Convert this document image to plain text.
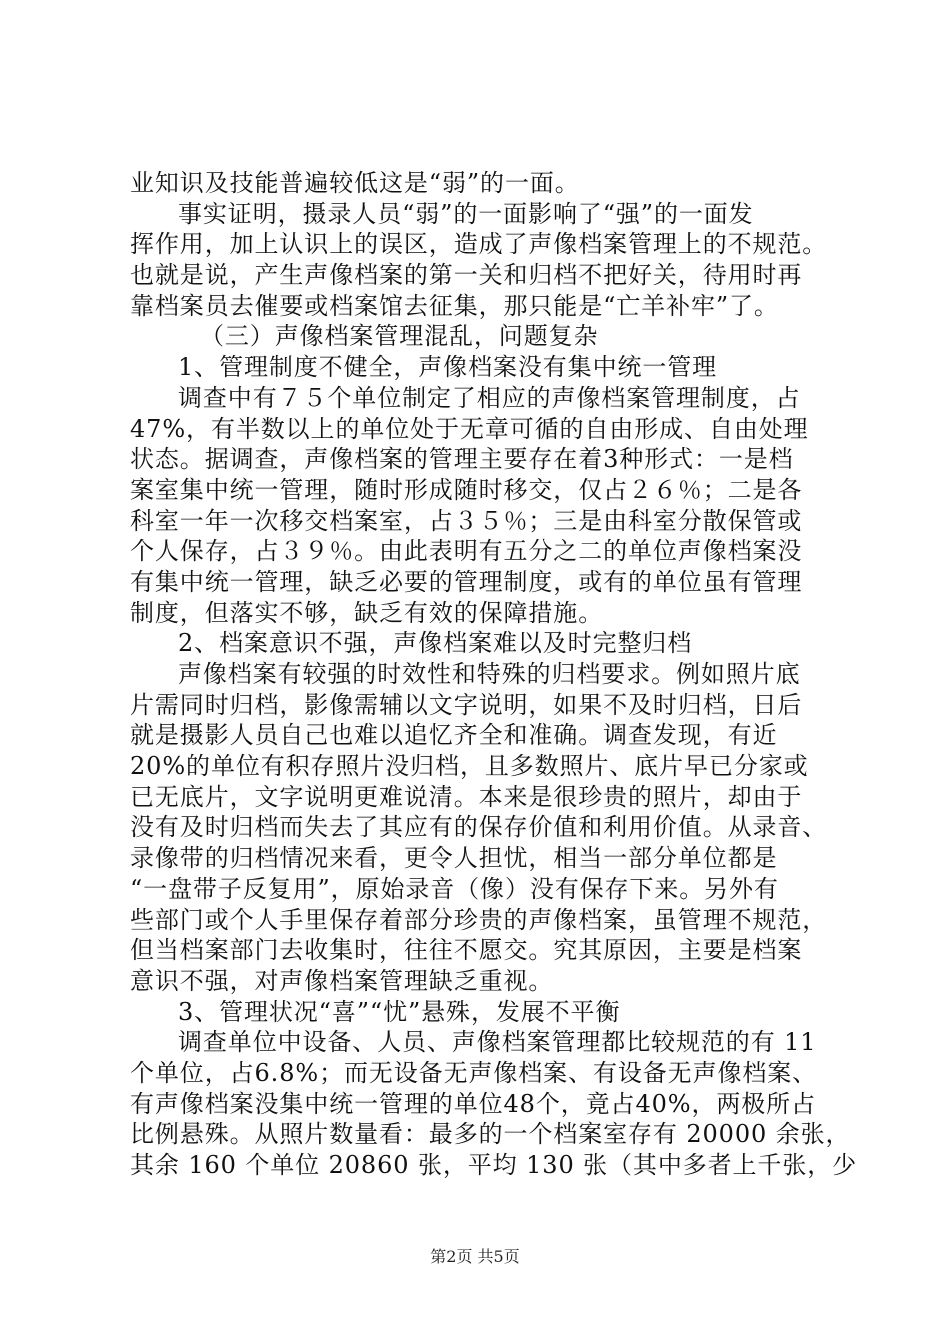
业知识及技能普遍较低这是“弱”的一面。
事实证明，摄录人员“弱”的一面影响了“强”的一面发
挥作用，加上认识上的误区，造成了声像档案管理上的不规范。
也就是说，产生声像档案的第一关和归档不把好关，待用时再
靠档案员去催要或档案馆去征集，那只能是“亡羊补牢”了。
（三）声像档案管理混乱，问题复杂
1、管理制度不健全，声像档案没有集中统一管理
调查中有７５个单位制定了相应的声像档案管理制度，占
47%，有半数以上的单位处于无章可循的自由形成、自由处理
状态。据调查，声像档案的管理主要存在着3种形式：一是档
案室集中统一管理，随时形成随时移交，仅占２６％；二是各
科室一年一次移交档案室，占３５％；三是由科室分散保管或
个人保存，占３９％。由此表明有五分之二的单位声像档案没
有集中统一管理，缺乏必要的管理制度，或有的单位虽有管理
制度，但落实不够，缺乏有效的保障措施。
2、档案意识不强，声像档案难以及时完整归档
声像档案有较强的时效性和特殊的归档要求。例如照片底
片需同时归档，影像需辅以文字说明，如果不及时归档，日后
就是摄影人员自己也难以追忆齐全和准确。调查发现，有近
20%的单位有积存照片没归档，且多数照片、底片早已分家或
已无底片，文字说明更难说清。本来是很珍贵的照片，却由于
没有及时归档而失去了其应有的保存价值和利用价值。从录音、
录像带的归档情况来看，更令人担忧，相当一部分单位都是
“一盘带子反复用”，原始录音（像）没有保存下来。另外有
些部门或个人手里保存着部分珍贵的声像档案，虽管理不规范，
但当档案部门去收集时，往往不愿交。究其原因，主要是档案
意识不强，对声像档案管理缺乏重视。
3、管理状况“喜”“忧”悬殊，发展不平衡
调查单位中设备、人员、声像档案管理都比较规范的有 11
个单位，占6.8%；而无设备无声像档案、有设备无声像档案、
有声像档案没集中统一管理的单位48个，竟占40%，两极所占
比例悬殊。从照片数量看：最多的一个档案室存有 20000 余张，
其余 160 个单位 20860 张，平均 130 张（其中多者上千张，少
第2页 共5页
